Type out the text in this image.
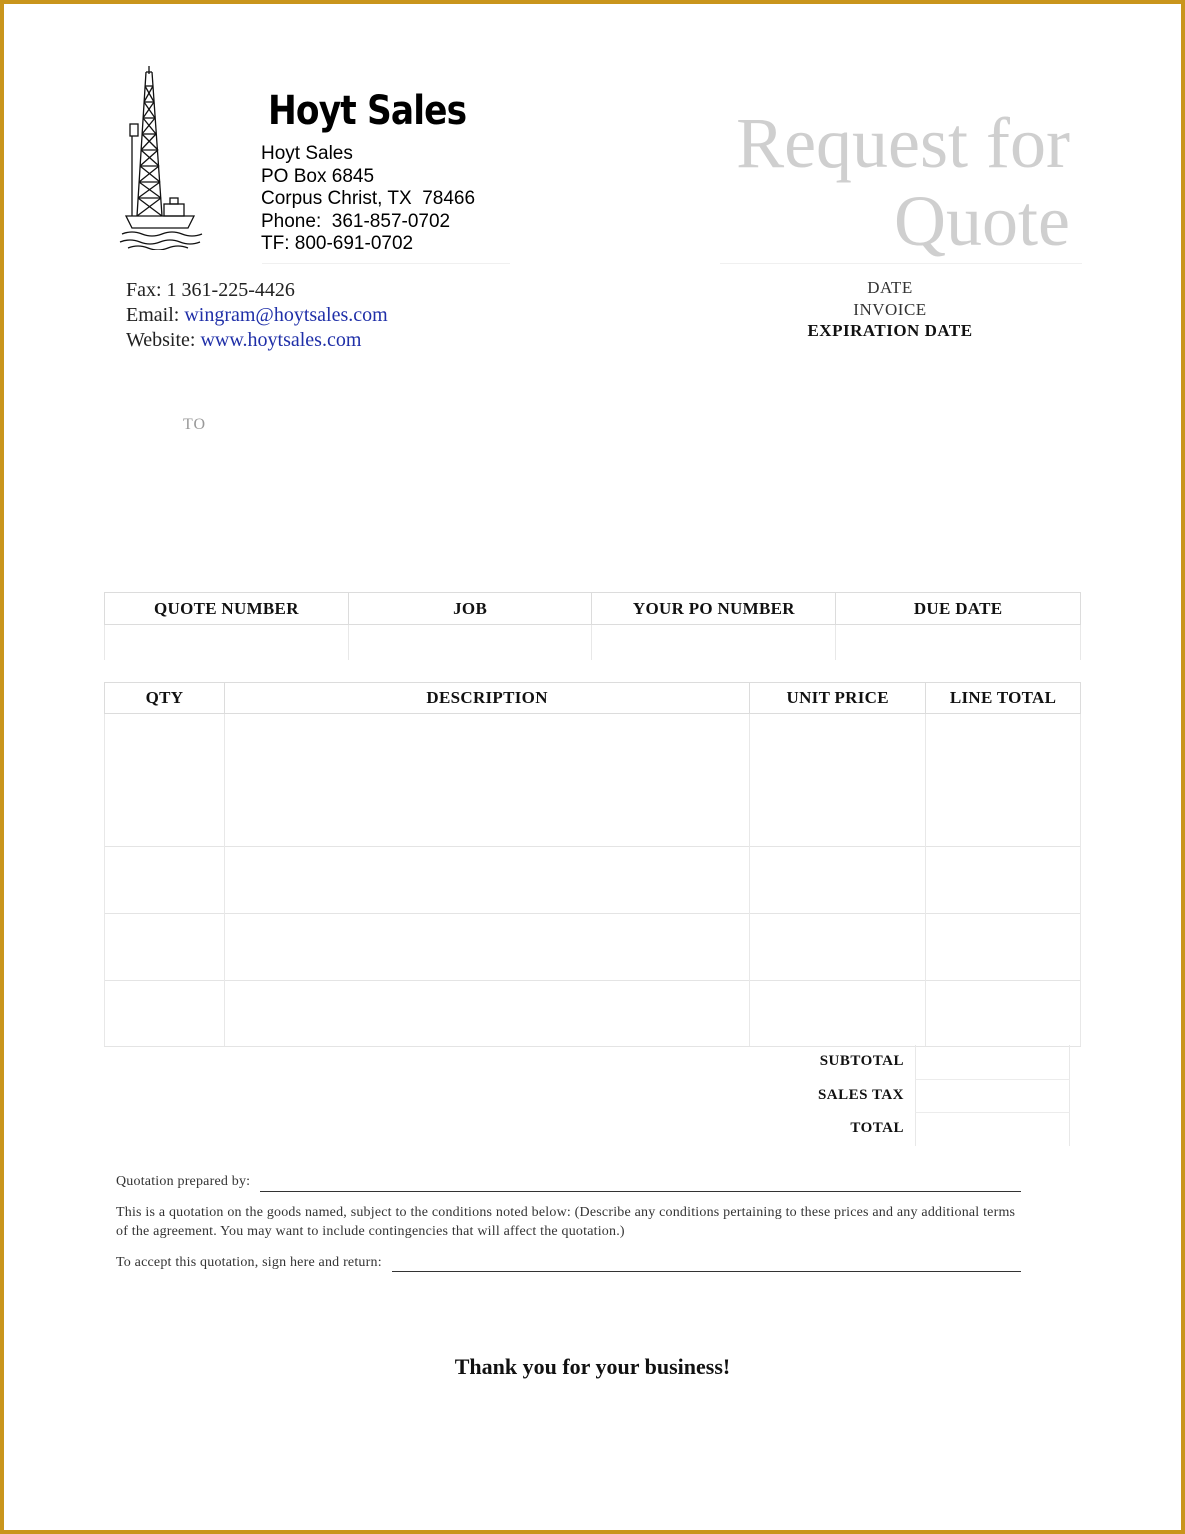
Hoyt Sales
Hoyt Sales
PO Box 6845
Corpus Christ, TX  78466
Phone:  361-857-0702
TF: 800-691-0702
Request for
Quote
Fax: 1 361-225-4426
Email: wingram@hoytsales.com
Website: www.hoytsales.com
DATE
INVOICE
EXPIRATION DATE
TO
QUOTE NUMBER	JOB	YOUR PO NUMBER	DUE DATE

QTY	DESCRIPTION	UNIT PRICE	LINE TOTAL

SUBTOTAL
SALES TAX
TOTAL
Quotation prepared by:

This is a quotation on the goods named, subject to the conditions noted below: (Describe any conditions pertaining to these prices and any additional terms of the agreement. You may want to include contingencies that will affect the quotation.)

To accept this quotation, sign here and return:
Thank you for your business!
